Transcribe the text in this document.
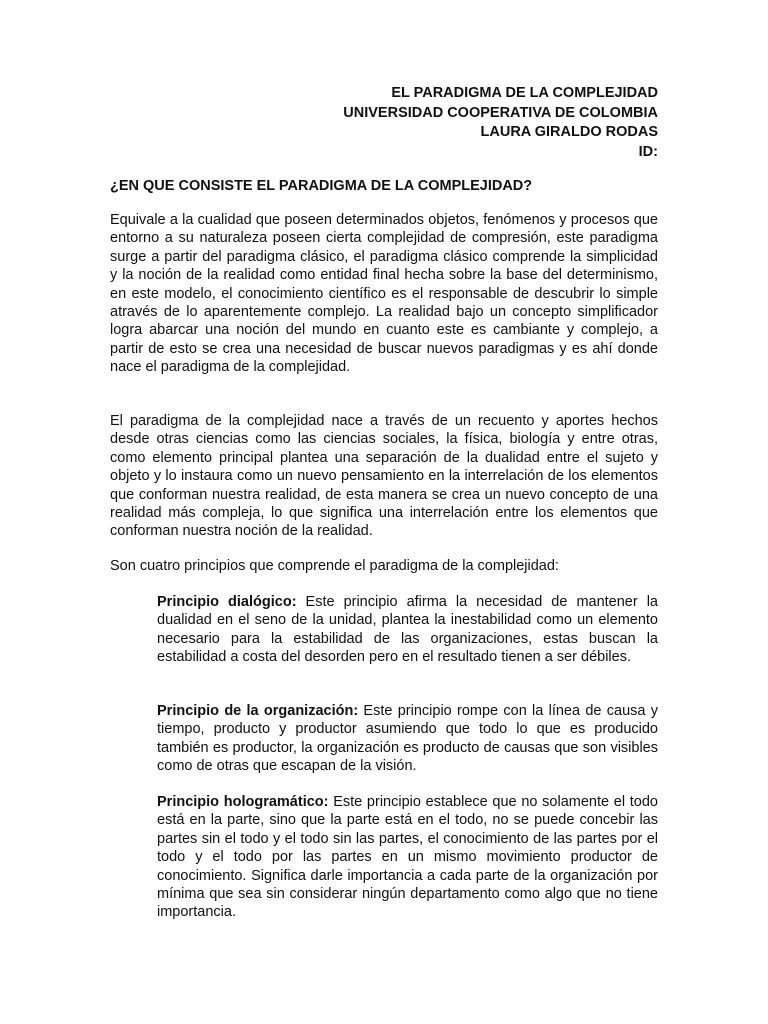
EL PARADIGMA DE LA COMPLEJIDAD
UNIVERSIDAD COOPERATIVA DE COLOMBIA
LAURA GIRALDO RODAS
ID:
¿EN QUE CONSISTE EL PARADIGMA DE LA COMPLEJIDAD?

Equivale a la cualidad que poseen determinados objetos, fenómenos y procesos que entorno a su naturaleza poseen cierta complejidad de compresión, este paradigma surge a partir del paradigma clásico, el paradigma clásico comprende la simplicidad y la noción de la realidad como entidad final hecha sobre la base del determinismo, en este modelo, el conocimiento científico es el responsable de descubrir lo simple através de lo aparentemente complejo. La realidad bajo un concepto simplificador logra abarcar una noción del mundo en cuanto este es cambiante y complejo, a partir de esto se crea una necesidad de buscar nuevos paradigmas y es ahí donde nace el paradigma de la complejidad.

El paradigma de la complejidad nace a través de un recuento y aportes hechos desde otras ciencias como las ciencias sociales, la física, biología y entre otras, como elemento principal plantea una separación de la dualidad entre el sujeto y objeto y lo instaura como un nuevo pensamiento en la interrelación de los elementos que conforman nuestra realidad, de esta manera se crea un nuevo concepto de una realidad más compleja, lo que significa una interrelación entre los elementos que conforman nuestra noción de la realidad.

Son cuatro principios que comprende el paradigma de la complejidad:

Principio dialógico: Este principio afirma la necesidad de mantener la dualidad en el seno de la unidad, plantea la inestabilidad como un elemento necesario para la estabilidad de las organizaciones, estas buscan la estabilidad a costa del desorden pero en el resultado tienen a ser débiles.

Principio de la organización: Este principio rompe con la línea de causa y tiempo, producto y productor asumiendo que todo lo que es producido también es productor, la organización es producto de causas que son visibles como de otras que escapan de la visión.

Principio hologramático: Este principio establece que no solamente el todo está en la parte, sino que la parte está en el todo, no se puede concebir las partes sin el todo y el todo sin las partes, el conocimiento de las partes por el todo y el todo por las partes en un mismo movimiento productor de conocimiento. Significa darle importancia a cada parte de la organización por mínima que sea sin considerar ningún departamento como algo que no tiene importancia.
